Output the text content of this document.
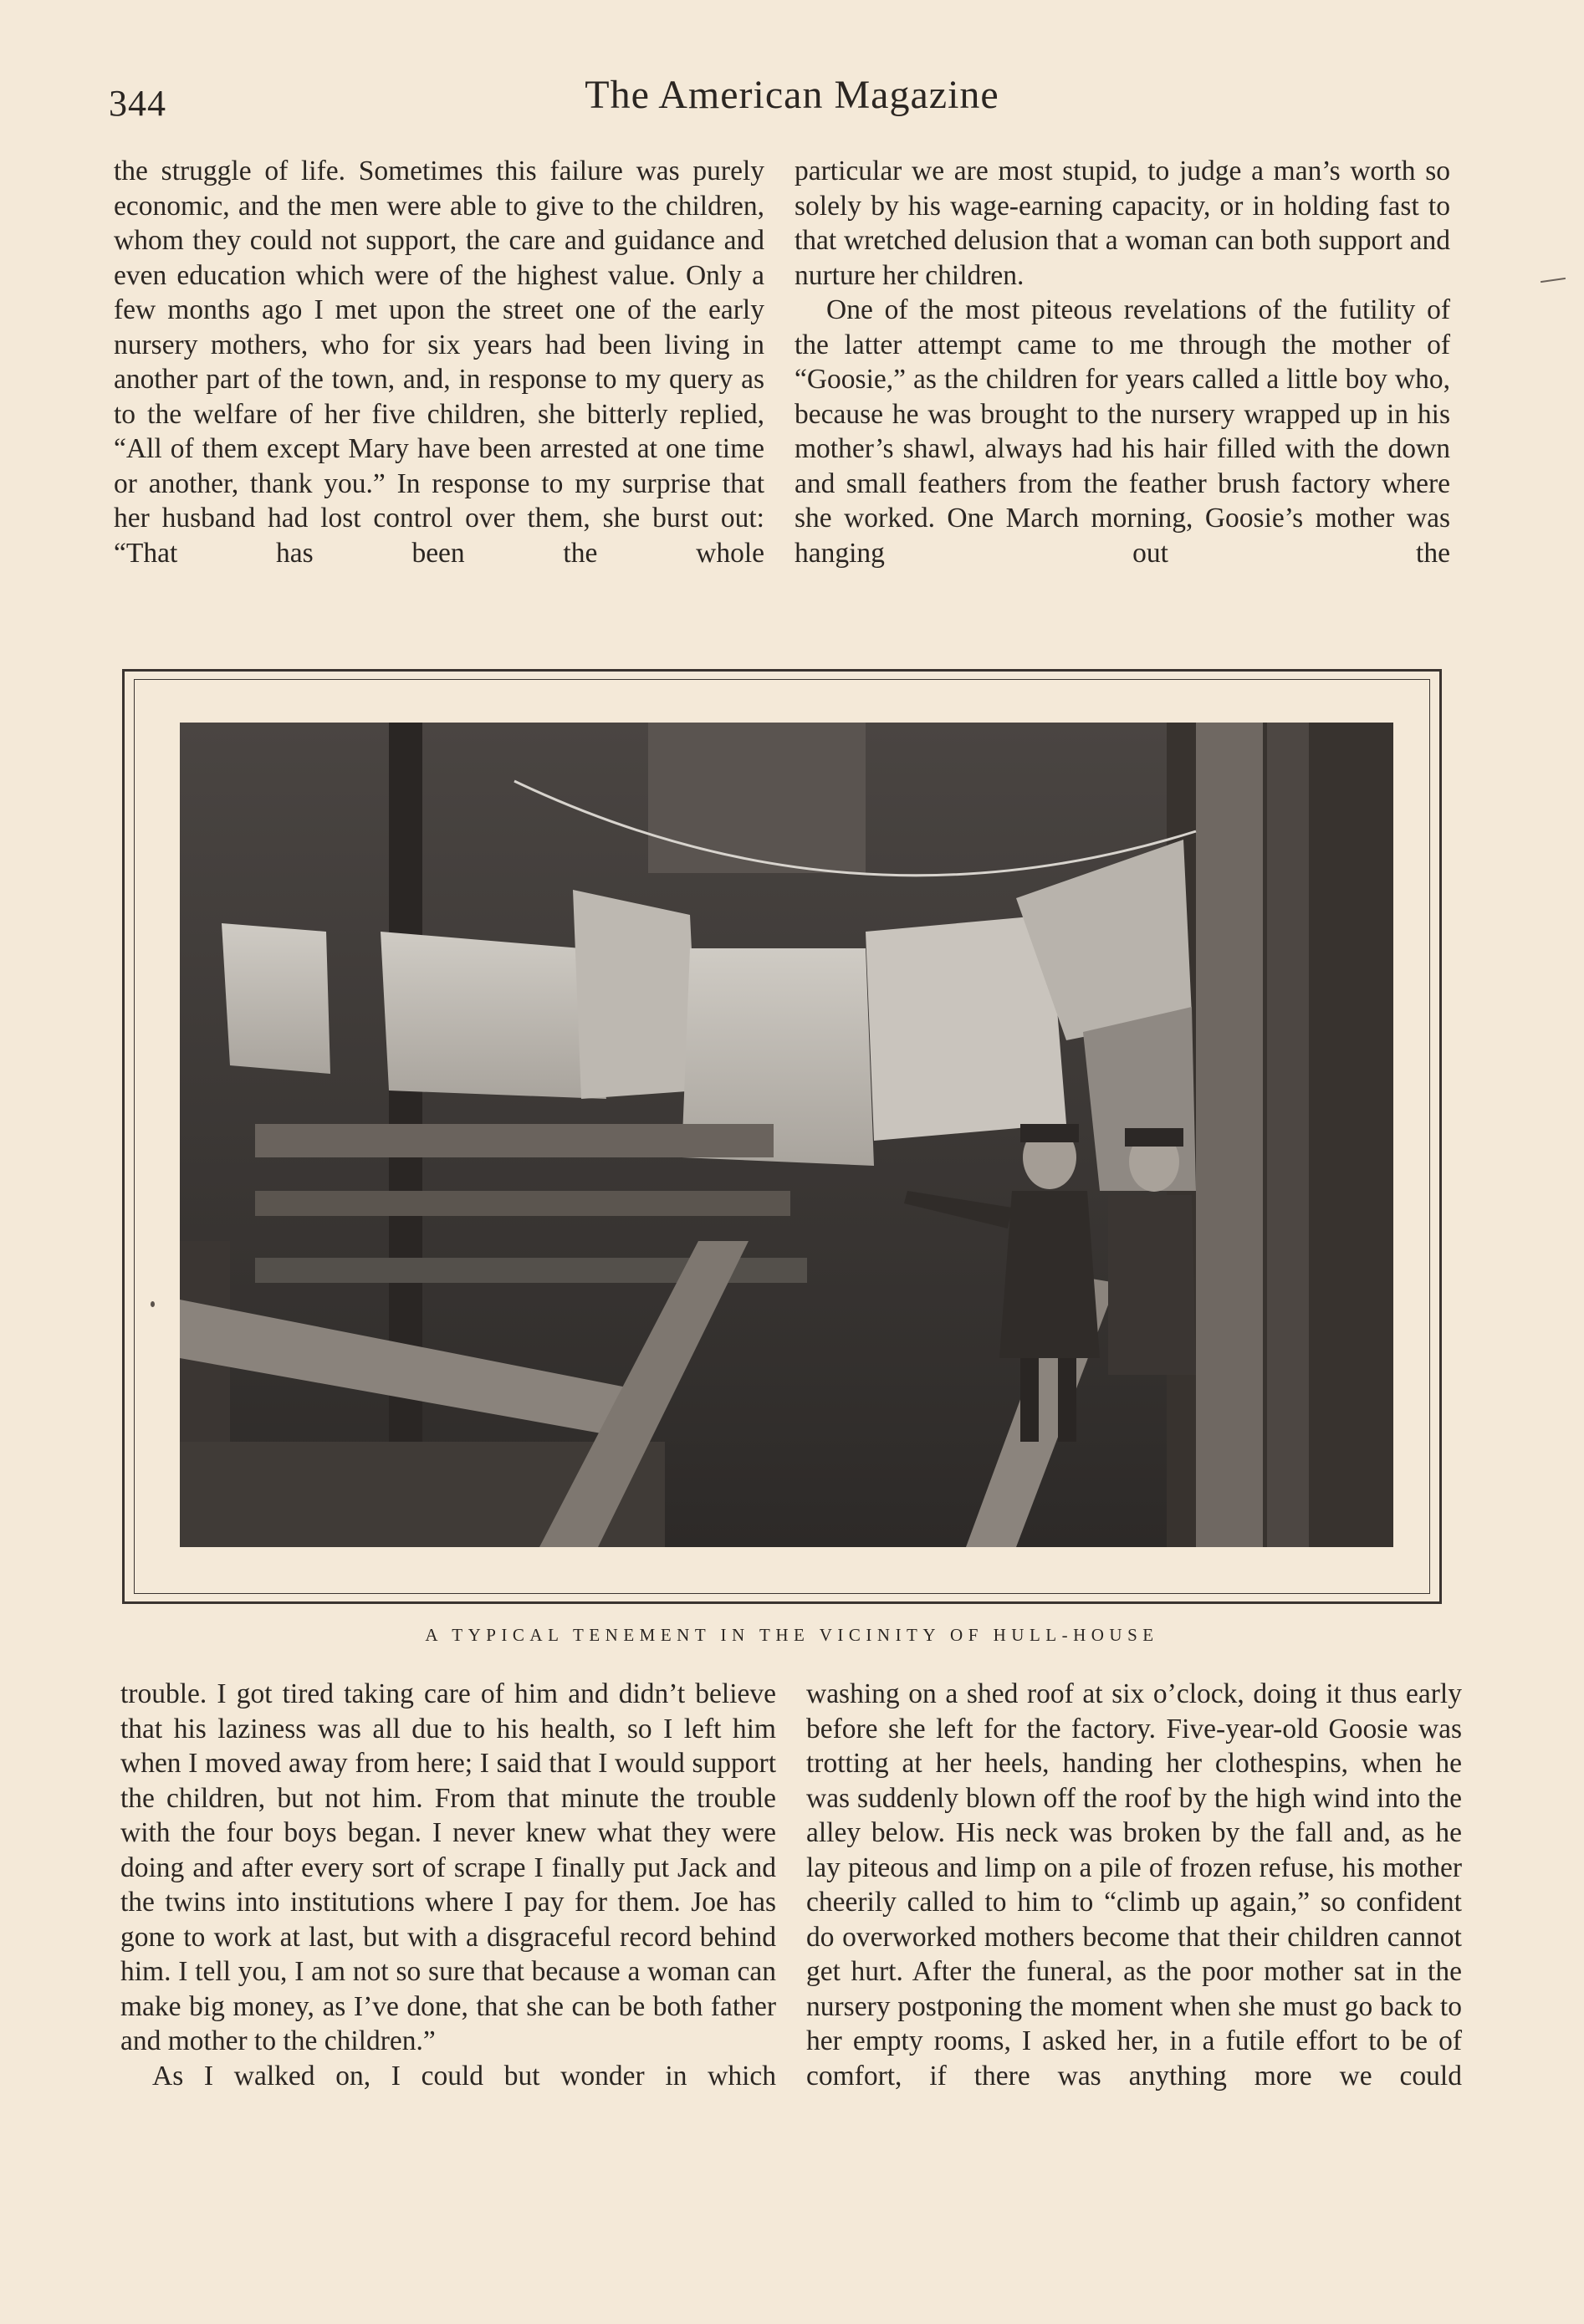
344	The American Magazine

the struggle of life. Sometimes this failure was purely economic, and the men were able to give to the children, whom they could not support, the care and guidance and even education which were of the highest value. Only a few months ago I met upon the street one of the early nursery mothers, who for six years had been living in another part of the town, and, in response to my query as to the welfare of her five children, she bitterly replied, “All of them except Mary have been arrested at one time or another, thank you.” In response to my surprise that her husband had lost control over them, she burst out: “That has been the whole

particular we are most stupid, to judge a man’s worth so solely by his wage-earning capacity, or in holding fast to that wretched delusion that a woman can both support and nurture her children.

One of the most piteous revelations of the futility of the latter attempt came to me through the mother of “Goosie,” as the children for years called a little boy who, because he was brought to the nursery wrapped up in his mother’s shawl, always had his hair filled with the down and small feathers from the feather brush factory where she worked. One March morning, Goosie’s mother was hanging out the

A TYPICAL TENEMENT IN THE VICINITY OF HULL-HOUSE

trouble. I got tired taking care of him and didn’t believe that his laziness was all due to his health, so I left him when I moved away from here; I said that I would support the children, but not him. From that minute the trouble with the four boys began. I never knew what they were doing and after every sort of scrape I finally put Jack and the twins into institutions where I pay for them. Joe has gone to work at last, but with a disgraceful record behind him. I tell you, I am not so sure that because a woman can make big money, as I’ve done, that she can be both father and mother to the children.”

As I walked on, I could but wonder in which

washing on a shed roof at six o’clock, doing it thus early before she left for the factory. Five-year-old Goosie was trotting at her heels, handing her clothespins, when he was suddenly blown off the roof by the high wind into the alley below. His neck was broken by the fall and, as he lay piteous and limp on a pile of frozen refuse, his mother cheerily called to him to “climb up again,” so confident do overworked mothers become that their children cannot get hurt. After the funeral, as the poor mother sat in the nursery postponing the moment when she must go back to her empty rooms, I asked her, in a futile effort to be of comfort, if there was anything more we could
